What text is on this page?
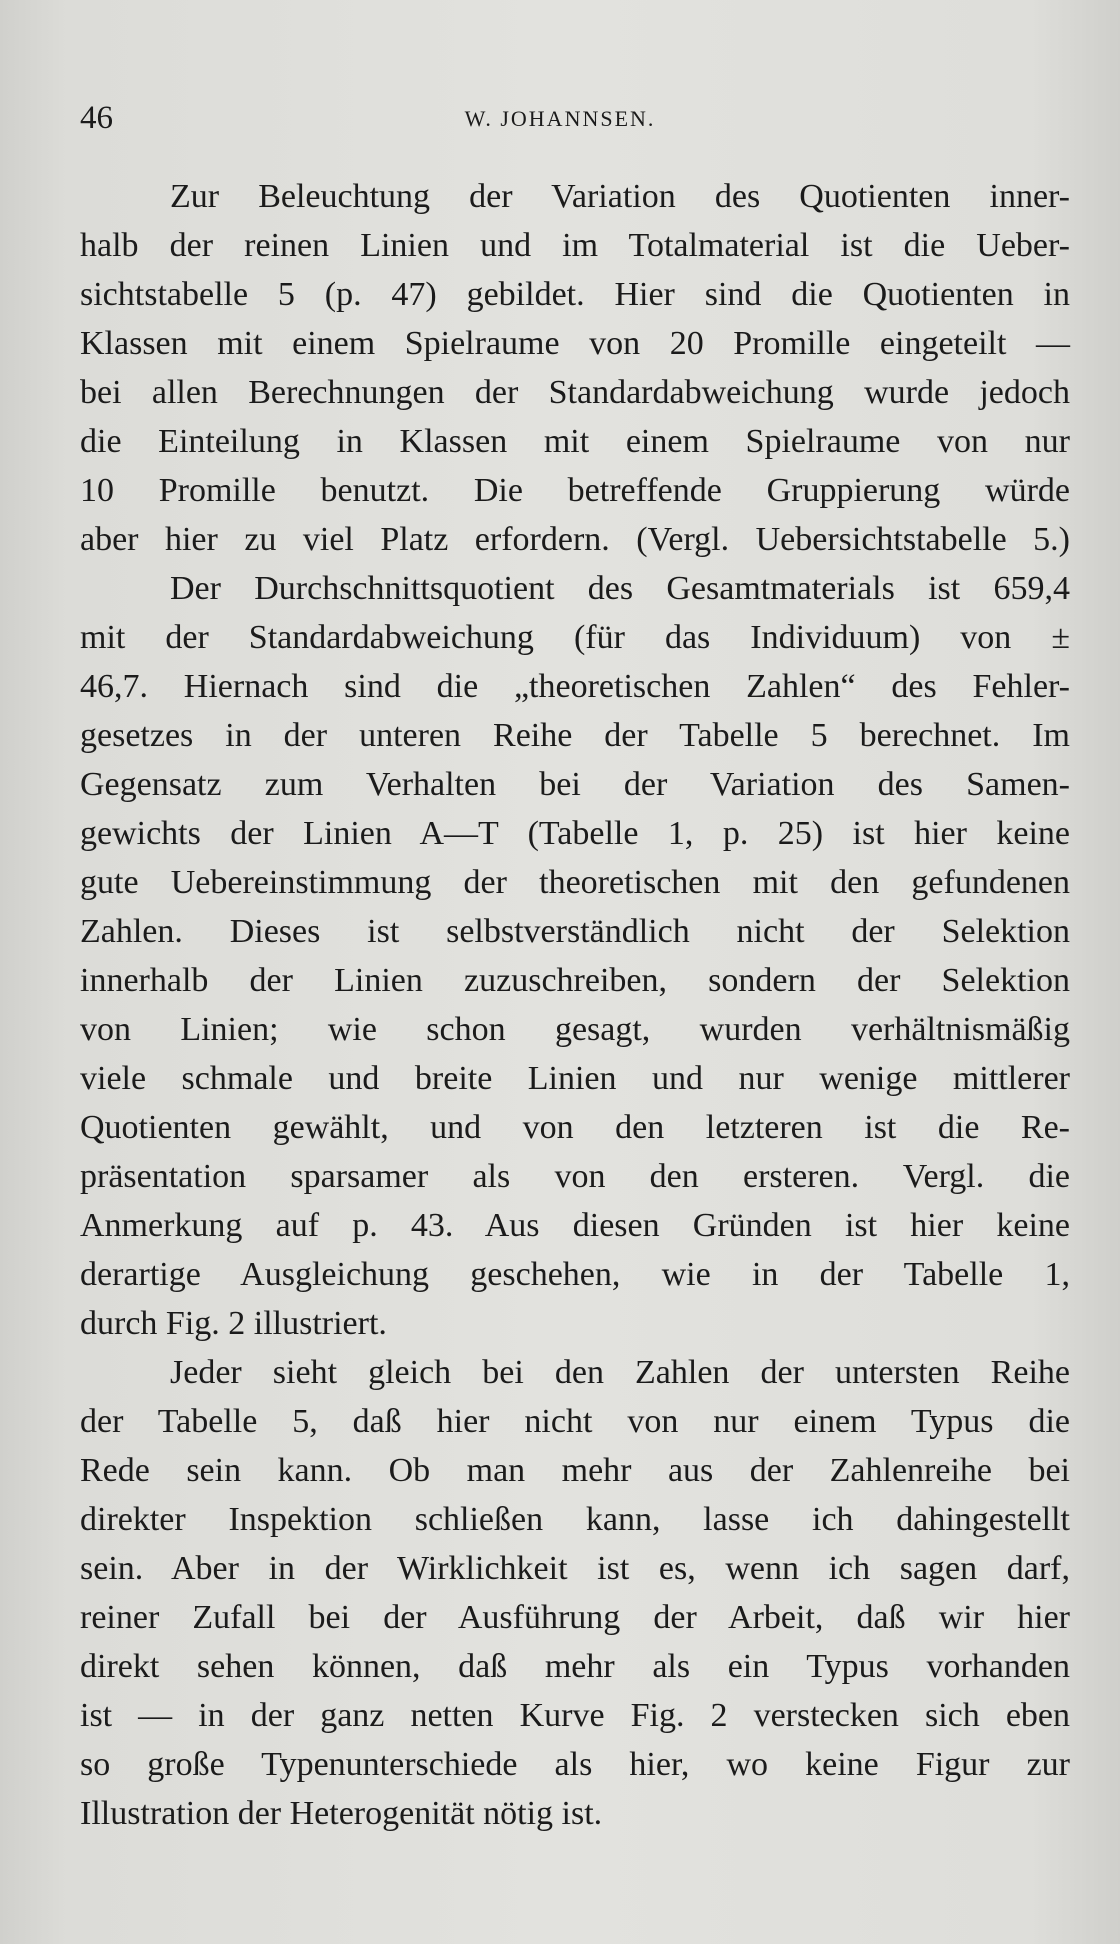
46	W. JOHANNSEN.
Zur Beleuchtung der Variation des Quotienten inner-
halb der reinen Linien und im Totalmaterial ist die Ueber-
sichtstabelle 5 (p. 47) gebildet. Hier sind die Quotienten in
Klassen mit einem Spielraume von 20 Promille eingeteilt —
bei allen Berechnungen der Standardabweichung wurde jedoch
die Einteilung in Klassen mit einem Spielraume von nur
10 Promille benutzt. Die betreffende Gruppierung würde
aber hier zu viel Platz erfordern. (Vergl. Uebersichtstabelle 5.)
Der Durchschnittsquotient des Gesamtmaterials ist 659,4
mit der Standardabweichung (für das Individuum) von ±
46,7. Hiernach sind die „theoretischen Zahlen“ des Fehler-
gesetzes in der unteren Reihe der Tabelle 5 berechnet. Im
Gegensatz zum Verhalten bei der Variation des Samen-
gewichts der Linien A—T (Tabelle 1, p. 25) ist hier keine
gute Uebereinstimmung der theoretischen mit den gefundenen
Zahlen. Dieses ist selbstverständlich nicht der Selektion
innerhalb der Linien zuzuschreiben, sondern der Selektion
von Linien; wie schon gesagt, wurden verhältnismäßig
viele schmale und breite Linien und nur wenige mittlerer
Quotienten gewählt, und von den letzteren ist die Re-
präsentation sparsamer als von den ersteren. Vergl. die
Anmerkung auf p. 43. Aus diesen Gründen ist hier keine
derartige Ausgleichung geschehen, wie in der Tabelle 1,
durch Fig. 2 illustriert.
Jeder sieht gleich bei den Zahlen der untersten Reihe
der Tabelle 5, daß hier nicht von nur einem Typus die
Rede sein kann. Ob man mehr aus der Zahlenreihe bei
direkter Inspektion schließen kann, lasse ich dahingestellt
sein. Aber in der Wirklichkeit ist es, wenn ich sagen darf,
reiner Zufall bei der Ausführung der Arbeit, daß wir hier
direkt sehen können, daß mehr als ein Typus vorhanden
ist — in der ganz netten Kurve Fig. 2 verstecken sich eben
so große Typenunterschiede als hier, wo keine Figur zur
Illustration der Heterogenität nötig ist.
